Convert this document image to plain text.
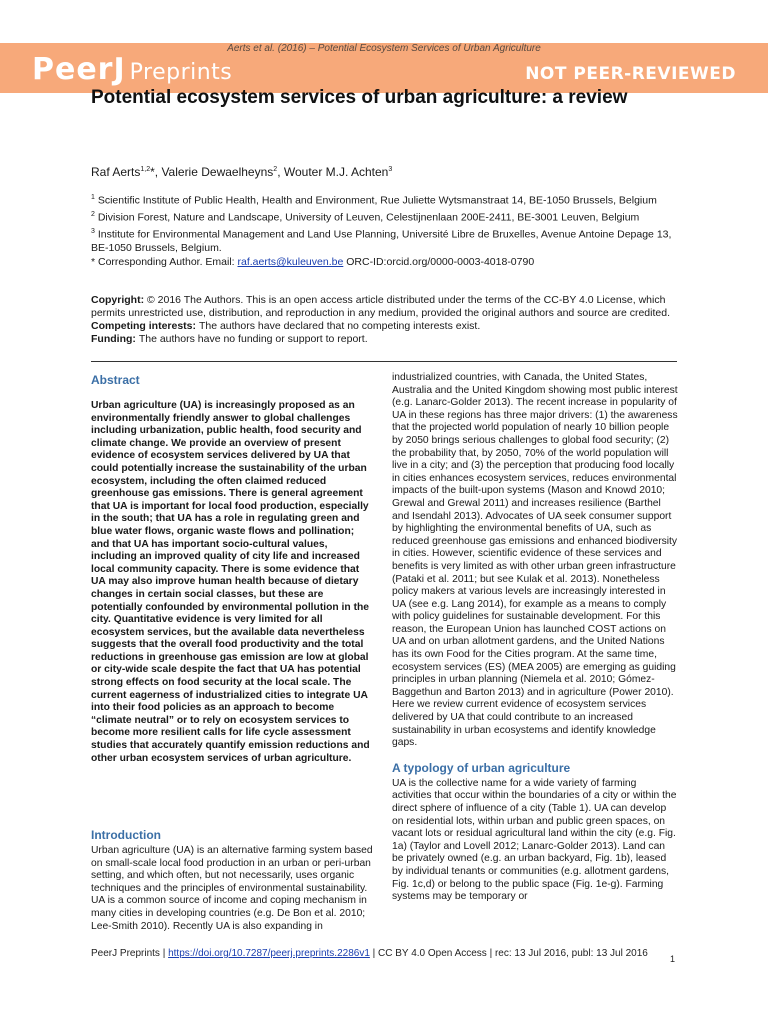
Aerts et al. (2016) – Potential Ecosystem Services of Urban Agriculture
PeerJ Preprints	NOT PEER-REVIEWED
Potential ecosystem services of urban agriculture: a review
Raf Aerts$^{1,2}$*, Valerie Dewaelheyns$^2$, Wouter M.J. Achten$^3$

$^1$ Scientific Institute of Public Health, Health and Environment, Rue Juliette Wytsmanstraat 14, BE-1050 Brussels, Belgium

$^2$ Division Forest, Nature and Landscape, University of Leuven, Celestijnenlaan 200E-2411, BE-3001 Leuven, Belgium

$^3$ Institute for Environmental Management and Land Use Planning, Université Libre de Bruxelles, Avenue Antoine Depage 13, BE-1050 Brussels, Belgium.

* Corresponding Author. Email: raf.aerts@kuleuven.be ORC-ID:orcid.org/0000-0003-4018-0790

Copyright: © 2016 The Authors. This is an open access article distributed under the terms of the CC-BY 4.0 License, which permits unrestricted use, distribution, and reproduction in any medium, provided the original authors and source are credited.

Competing interests: The authors have declared that no competing interests exist.

Funding: The authors have no funding or support to report.

Abstract

Urban agriculture (UA) is increasingly proposed as an environmentally friendly answer to global challenges including urbanization, public health, food security and climate change. We provide an overview of present evidence of ecosystem services delivered by UA that could potentially increase the sustainability of the urban ecosystem, including the often claimed reduced greenhouse gas emissions. There is general agreement that UA is important for local food production, especially in the south; that UA has a role in regulating green and blue water flows, organic waste flows and pollination; and that UA has important socio-cultural values, including an improved quality of city life and increased local community capacity. There is some evidence that UA may also improve human health because of dietary changes in certain social classes, but these are potentially confounded by environmental pollution in the city. Quantitative evidence is very limited for all ecosystem services, but the available data nevertheless suggests that the overall food productivity and the total reductions in greenhouse gas emission are low at global or city-wide scale despite the fact that UA has potential strong effects on food security at the local scale. The current eagerness of industrialized cities to integrate UA into their food policies as an approach to become “climate neutral” or to rely on ecosystem services to become more resilient calls for life cycle assessment studies that accurately quantify emission reductions and other urban ecosystem services of urban agriculture.

Introduction

Urban agriculture (UA) is an alternative farming system based on small-scale local food production in an urban or peri-urban setting, and which often, but not necessarily, uses organic techniques and the principles of environmental sustainability. UA is a common source of income and coping mechanism in many cities in developing countries (e.g. De Bon et al. 2010; Lee-Smith 2010). Recently UA is also expanding in

industrialized countries, with Canada, the United States, Australia and the United Kingdom showing most public interest (e.g. Lanarc-Golder 2013). The recent increase in popularity of UA in these regions has three major drivers: (1) the awareness that the projected world population of nearly 10 billion people by 2050 brings serious challenges to global food security; (2) the probability that, by 2050, 70% of the world population will live in a city; and (3) the perception that producing food locally in cities enhances ecosystem services, reduces environmental impacts of the built-upon systems (Mason and Knowd 2010; Grewal and Grewal 2011) and increases resilience (Barthel and Isendahl 2013). Advocates of UA seek consumer support by highlighting the environmental benefits of UA, such as reduced greenhouse gas emissions and enhanced biodiversity in cities. However, scientific evidence of these services and benefits is very limited as with other urban green infrastructure (Pataki et al. 2011; but see Kulak et al. 2013). Nonetheless policy makers at various levels are increasingly interested in UA (see e.g. Lang 2014), for example as a means to comply with policy guidelines for sustainable development. For this reason, the European Union has launched COST actions on UA and on urban allotment gardens, and the United Nations has its own Food for the Cities program. At the same time, ecosystem services (ES) (MEA 2005) are emerging as guiding principles in urban planning (Niemela et al. 2010; Gómez-Baggethun and Barton 2013) and in agriculture (Power 2010). Here we review current evidence of ecosystem services delivered by UA that could contribute to an increased sustainability in urban ecosystems and identify knowledge gaps.

A typology of urban agriculture

UA is the collective name for a wide variety of farming activities that occur within the boundaries of a city or within the direct sphere of influence of a city (Table 1). UA can develop on residential lots, within urban and public green spaces, on vacant lots or residual agricultural land within the city (e.g. Fig. 1a) (Taylor and Lovell 2012; Lanarc-Golder 2013). Land can be privately owned (e.g. an urban backyard, Fig. 1b), leased by individual tenants or communities (e.g. allotment gardens, Fig. 1c,d) or belong to the public space (Fig. 1e-g). Farming systems may be temporary or

PeerJ Preprints | https://doi.org/10.7287/peerj.preprints.2286v1 | CC BY 4.0 Open Access | rec: 13 Jul 2016, publ: 13 Jul 2016	1
